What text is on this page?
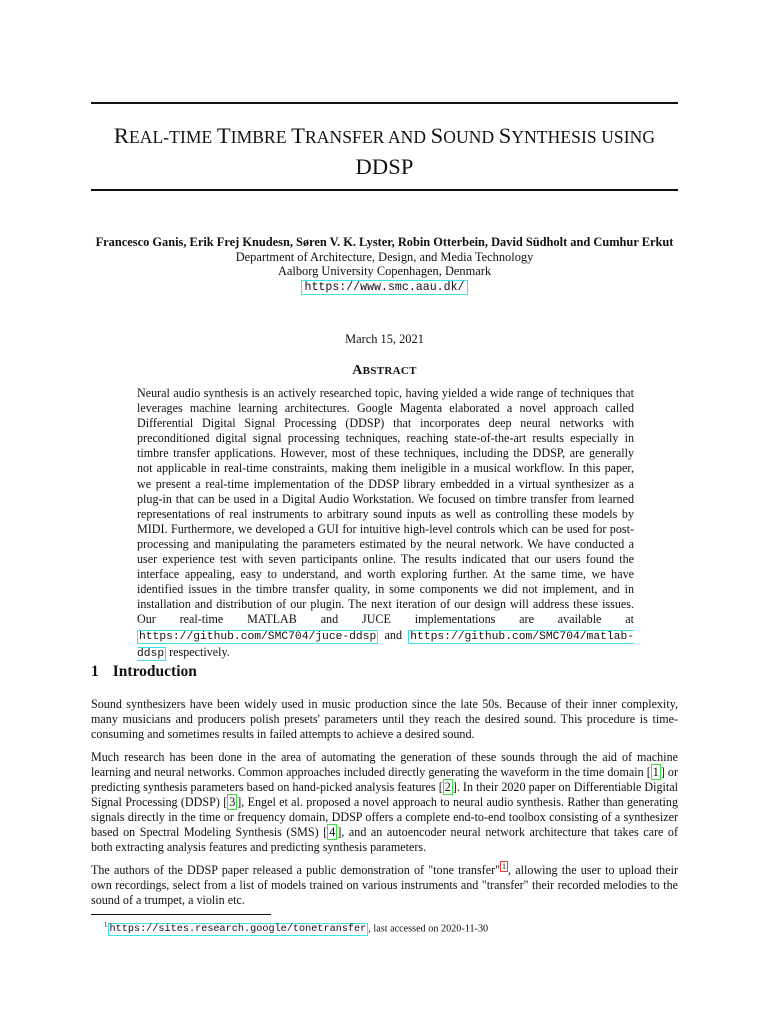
REAL-TIME TIMBRE TRANSFER AND SOUND SYNTHESIS USING
DDSP
Francesco Ganis, Erik Frej Knudesn, Søren V. K. Lyster, Robin Otterbein, David Südholt and Cumhur Erkut
Department of Architecture, Design, and Media Technology
Aalborg University Copenhagen, Denmark
https://www.smc.aau.dk/
March 15, 2021
ABSTRACT
Neural audio synthesis is an actively researched topic, having yielded a wide range of techniques that leverages machine learning architectures. Google Magenta elaborated a novel approach called Differential Digital Signal Processing (DDSP) that incorporates deep neural networks with preconditioned digital signal processing techniques, reaching state-of-the-art results especially in timbre transfer applications. However, most of these techniques, including the DDSP, are generally not applicable in real-time constraints, making them ineligible in a musical workflow. In this paper, we present a real-time implementation of the DDSP library embedded in a virtual synthesizer as a plug-in that can be used in a Digital Audio Workstation. We focused on timbre transfer from learned representations of real instruments to arbitrary sound inputs as well as controlling these models by MIDI. Furthermore, we developed a GUI for intuitive high-level controls which can be used for post-processing and manipulating the parameters estimated by the neural network. We have conducted a user experience test with seven participants online. The results indicated that our users found the interface appealing, easy to understand, and worth exploring further. At the same time, we have identified issues in the timbre transfer quality, in some components we did not implement, and in installation and distribution of our plugin. The next iteration of our design will address these issues. Our real-time MATLAB and JUCE implementations are available at https://github.com/SMC704/juce-ddsp and https://github.com/SMC704/matlab-ddsp respectively.
1 Introduction

Sound synthesizers have been widely used in music production since the late 50s. Because of their inner complexity, many musicians and producers polish presets' parameters until they reach the desired sound. This procedure is time-consuming and sometimes results in failed attempts to achieve a desired sound.

Much research has been done in the area of automating the generation of these sounds through the aid of machine learning and neural networks. Common approaches included directly generating the waveform in the time domain [ 1 ] or predicting synthesis parameters based on hand-picked analysis features [ 2 ]. In their 2020 paper on Differentiable Digital Signal Processing (DDSP) [ 3 ], Engel et al. proposed a novel approach to neural audio synthesis. Rather than generating signals directly in the time or frequency domain, DDSP offers a complete end-to-end toolbox consisting of a synthesizer based on Spectral Modeling Synthesis (SMS) [ 4 ], and an autoencoder neural network architecture that takes care of both extracting analysis features and predicting synthesis parameters.

The authors of the DDSP paper released a public demonstration of "tone transfer" $^1$ , allowing the user to upload their own recordings, select from a list of models trained on various instruments and "transfer" their recorded melodies to the sound of a trumpet, a violin etc.

$^1$ https://sites.research.google/tonetransfer , last accessed on 2020-11-30
